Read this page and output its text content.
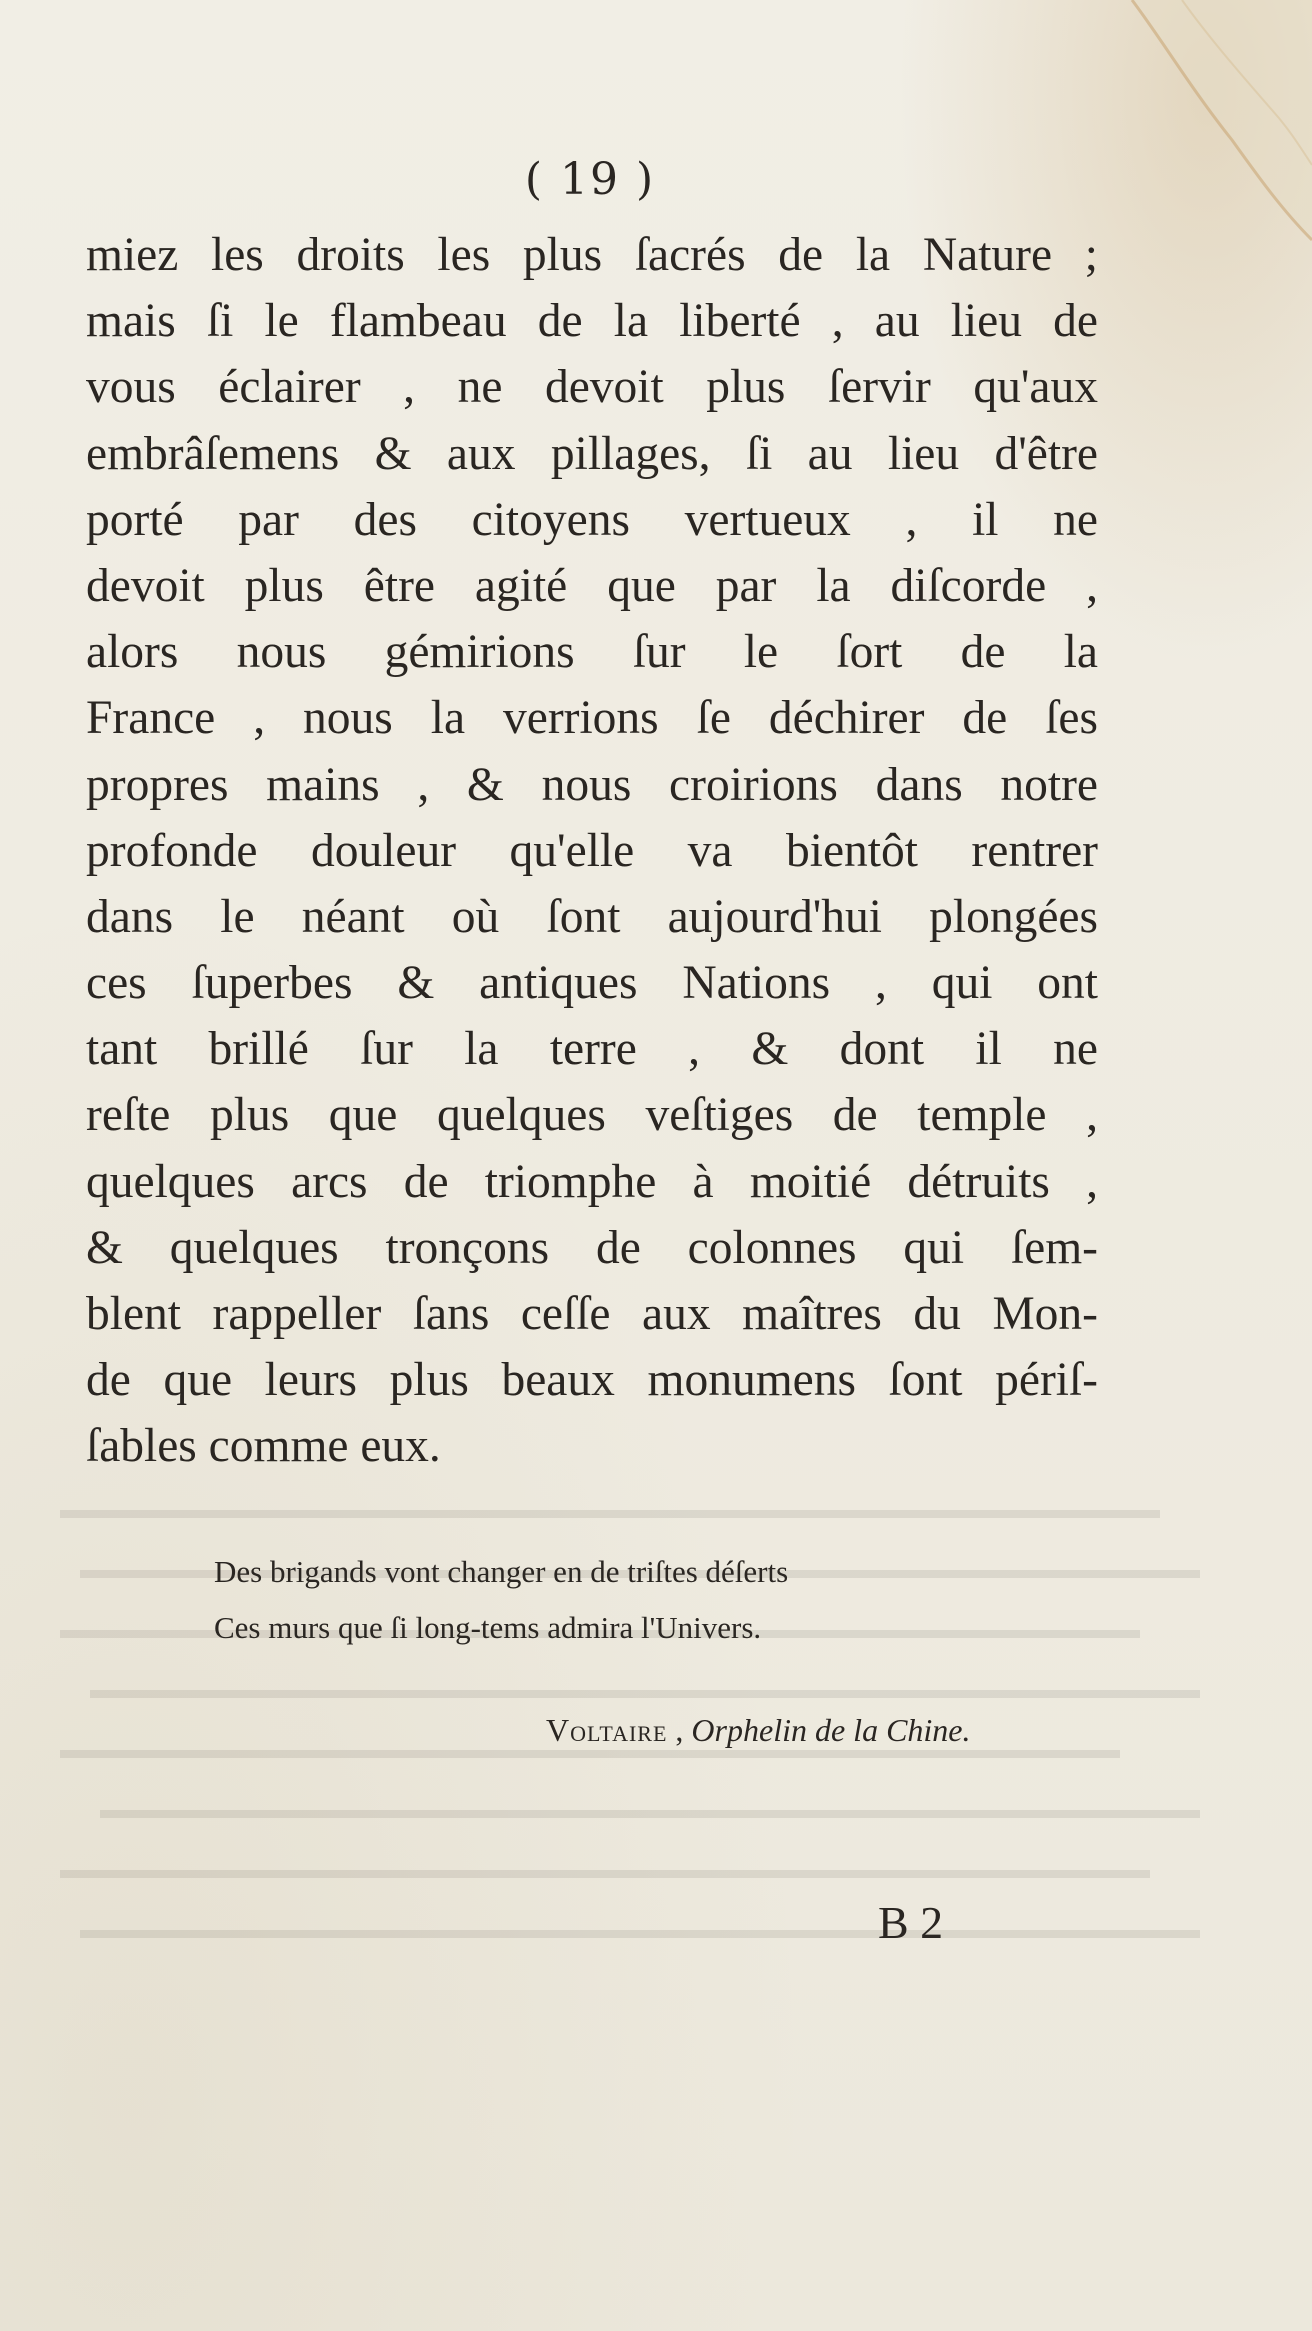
( 19 )
miez les droits les plus ſacrés de la Nature ;
mais ſi le flambeau de la liberté , au lieu de
vous éclairer , ne devoit plus ſervir qu'aux
embrâſemens & aux pillages, ſi au lieu d'être
porté par des citoyens vertueux , il ne
devoit plus être agité que par la diſcorde ,
alors nous gémirions ſur le ſort de la
France , nous la verrions ſe déchirer de ſes
propres mains , & nous croirions dans notre
profonde douleur qu'elle va bientôt rentrer
dans le néant où ſont aujourd'hui plongées
ces ſuperbes & antiques Nations , qui ont
tant brillé ſur la terre , & dont il ne
reſte plus que quelques veſtiges de temple ,
quelques arcs de triomphe à moitié détruits ,
& quelques tronçons de colonnes qui ſem-
blent rappeller ſans ceſſe aux maîtres du Mon-
de que leurs plus beaux monumens ſont périſ-
ſables comme eux.
Des brigands vont changer en de triſtes déſerts
Ces murs que ſi long-tems admira l'Univers.
Voltaire , Orphelin de la Chine.
B 2
